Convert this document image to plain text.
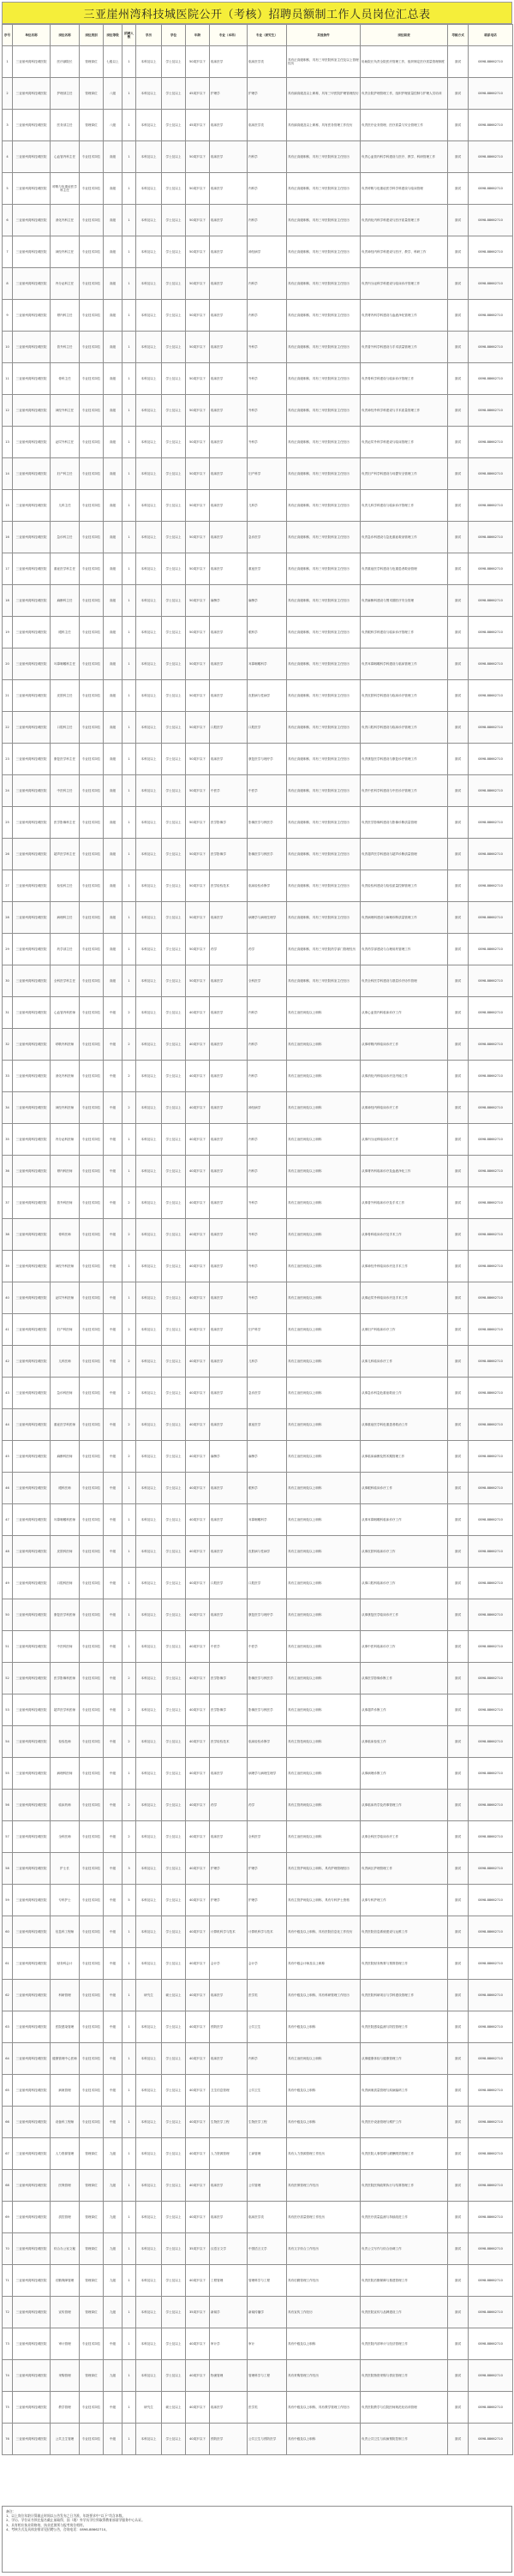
三亚崖州湾科技城医院公开（考核）招聘员额制工作人员岗位汇总表
序号	单位名称	岗位名称	岗位类别	岗位等级	招聘人数	学历	学位	年龄	专业（本科）	专业（研究生）	其他条件	岗位职责	考核方式	联系电话
1	三亚崖州湾科技城医院	医疗副院长	管理岗位	七级以上	1	本科及以上	学士及以上	50周岁以下	临床医学	临床医学类	具有正高级职称，具有三甲医院科室主任及以上管理经历	协助院长负责全院医疗管理工作，组织制定医疗质量管理制度	面试	0898-88662710
2	三亚崖州湾科技城医院	护理部主任	管理岗位	八级	1	本科及以上	学士及以上	45周岁以下	护理学	护理学	具有副高级及以上职称，具有三甲医院护理管理经历	负责全院护理管理工作，组织护理质量控制与护理人员培训	面试	0898-88662710
3	三亚崖州湾科技城医院	医务部主任	管理岗位	八级	1	本科及以上	学士及以上	45周岁以下	临床医学	临床医学类	具有副高级及以上职称，具有医务管理工作经历	负责医疗业务管理、医疗质量与安全管理工作	面试	0898-88662710
4	三亚崖州湾科技城医院	心血管内科主任	专业技术岗位	高级	1	本科及以上	学士及以上	50周岁以下	临床医学	内科学	具有正高级职称，具有三甲医院科室主任经历	负责心血管内科学科建设与医疗、教学、科研管理工作	面试	0898-88662710
5	三亚崖州湾科技城医院	呼吸与危重症医学科主任	专业技术岗位	高级	1	本科及以上	学士及以上	50周岁以下	临床医学	内科学	具有正高级职称，具有三甲医院科室主任经历	负责呼吸与危重症医学科学科建设与临床管理	面试	0898-88662710
6	三亚崖州湾科技城医院	消化内科主任	专业技术岗位	高级	1	本科及以上	学士及以上	50周岁以下	临床医学	内科学	具有正高级职称，具有三甲医院科室主任经历	负责消化内科学科建设与医疗质量管理工作	面试	0898-88662710
7	三亚崖州湾科技城医院	神经内科主任	专业技术岗位	高级	1	本科及以上	学士及以上	50周岁以下	临床医学	神经病学	具有正高级职称，具有三甲医院科室主任经历	负责神经内科学科建设与医疗、教学、科研工作	面试	0898-88662710
8	三亚崖州湾科技城医院	内分泌科主任	专业技术岗位	高级	1	本科及以上	学士及以上	50周岁以下	临床医学	内科学	具有正高级职称，具有三甲医院科室主任经历	负责内分泌科学科建设与临床诊疗管理工作	面试	0898-88662710
9	三亚崖州湾科技城医院	肾内科主任	专业技术岗位	高级	1	本科及以上	学士及以上	50周岁以下	临床医学	内科学	具有正高级职称，具有三甲医院科室主任经历	负责肾内科学科建设与血液净化管理工作	面试	0898-88662710
10	三亚崖州湾科技城医院	普外科主任	专业技术岗位	高级	1	本科及以上	学士及以上	50周岁以下	临床医学	外科学	具有正高级职称，具有三甲医院科室主任经历	负责普外科学科建设与手术质量管理工作	面试	0898-88662710
11	三亚崖州湾科技城医院	骨科主任	专业技术岗位	高级	1	本科及以上	学士及以上	50周岁以下	临床医学	外科学	具有正高级职称，具有三甲医院科室主任经历	负责骨科学科建设与临床诊疗管理工作	面试	0898-88662710
12	三亚崖州湾科技城医院	神经外科主任	专业技术岗位	高级	1	本科及以上	学士及以上	50周岁以下	临床医学	外科学	具有正高级职称，具有三甲医院科室主任经历	负责神经外科学科建设与手术质量管理工作	面试	0898-88662710
13	三亚崖州湾科技城医院	泌尿外科主任	专业技术岗位	高级	1	本科及以上	学士及以上	50周岁以下	临床医学	外科学	具有正高级职称，具有三甲医院科室主任经历	负责泌尿外科学科建设与临床管理工作	面试	0898-88662710
14	三亚崖州湾科技城医院	妇产科主任	专业技术岗位	高级	1	本科及以上	学士及以上	50周岁以下	临床医学	妇产科学	具有正高级职称，具有三甲医院科室主任经历	负责妇产科学科建设与母婴安全管理工作	面试	0898-88662710
15	三亚崖州湾科技城医院	儿科主任	专业技术岗位	高级	1	本科及以上	学士及以上	50周岁以下	临床医学	儿科学	具有正高级职称，具有三甲医院科室主任经历	负责儿科学科建设与临床诊疗管理工作	面试	0898-88662710
16	三亚崖州湾科技城医院	急诊科主任	专业技术岗位	高级	1	本科及以上	学士及以上	50周岁以下	临床医学	急诊医学	具有正高级职称，具有三甲医院科室主任经历	负责急诊科建设与急危重症救治管理工作	面试	0898-88662710
17	三亚崖州湾科技城医院	重症医学科主任	专业技术岗位	高级	1	本科及以上	学士及以上	50周岁以下	临床医学	重症医学	具有正高级职称，具有三甲医院科室主任经历	负责重症医学科建设与危重患者救治管理	面试	0898-88662710
18	三亚崖州湾科技城医院	麻醉科主任	专业技术岗位	高级	1	本科及以上	学士及以上	50周岁以下	麻醉学	麻醉学	具有正高级职称，具有三甲医院科室主任经历	负责麻醉科建设与围术期医疗安全管理	面试	0898-88662710
19	三亚崖州湾科技城医院	眼科主任	专业技术岗位	高级	1	本科及以上	学士及以上	50周岁以下	临床医学	眼科学	具有正高级职称，具有三甲医院科室主任经历	负责眼科学科建设与临床诊疗管理工作	面试	0898-88662710
20	三亚崖州湾科技城医院	耳鼻咽喉科主任	专业技术岗位	高级	1	本科及以上	学士及以上	50周岁以下	临床医学	耳鼻咽喉科学	具有正高级职称，具有三甲医院科室主任经历	负责耳鼻咽喉科学科建设与临床管理工作	面试	0898-88662710
21	三亚崖州湾科技城医院	皮肤科主任	专业技术岗位	高级	1	本科及以上	学士及以上	50周岁以下	临床医学	皮肤病与性病学	具有正高级职称，具有三甲医院科室主任经历	负责皮肤科学科建设与临床诊疗管理工作	面试	0898-88662710
22	三亚崖州湾科技城医院	口腔科主任	专业技术岗位	高级	1	本科及以上	学士及以上	50周岁以下	口腔医学	口腔医学	具有正高级职称，具有三甲医院科室主任经历	负责口腔科学科建设与临床诊疗管理工作	面试	0898-88662710
23	三亚崖州湾科技城医院	康复医学科主任	专业技术岗位	高级	1	本科及以上	学士及以上	50周岁以下	临床医学	康复医学与理疗学	具有正高级职称，具有三甲医院科室主任经历	负责康复医学科建设与康复诊疗管理工作	面试	0898-88662710
24	三亚崖州湾科技城医院	中医科主任	专业技术岗位	高级	1	本科及以上	学士及以上	50周岁以下	中医学	中医学	具有正高级职称，具有三甲医院科室主任经历	负责中医科学科建设与中医诊疗管理工作	面试	0898-88662710
25	三亚崖州湾科技城医院	医学影像科主任	专业技术岗位	高级	1	本科及以上	学士及以上	50周岁以下	医学影像学	影像医学与核医学	具有正高级职称，具有三甲医院科室主任经历	负责医学影像科建设与影像诊断质量管理	面试	0898-88662710
26	三亚崖州湾科技城医院	超声医学科主任	专业技术岗位	高级	1	本科及以上	学士及以上	50周岁以下	医学影像学	影像医学与核医学	具有正高级职称，具有三甲医院科室主任经历	负责超声医学科建设与超声诊断质量管理	面试	0898-88662710
27	三亚崖州湾科技城医院	检验科主任	专业技术岗位	高级	1	本科及以上	学士及以上	50周岁以下	医学检验技术	临床检验诊断学	具有正高级职称，具有三甲医院科室主任经历	负责检验科建设与检验质量控制管理工作	面试	0898-88662710
28	三亚崖州湾科技城医院	病理科主任	专业技术岗位	高级	1	本科及以上	学士及以上	50周岁以下	临床医学	病理学与病理生理学	具有正高级职称，具有三甲医院科室主任经历	负责病理科建设与病理诊断质量管理工作	面试	0898-88662710
29	三亚崖州湾科技城医院	药学部主任	专业技术岗位	高级	1	本科及以上	学士及以上	50周岁以下	药学	药学	具有正高级职称，具有三甲医院药学部门管理经历	负责药学部建设与合理用药管理工作	面试	0898-88662710
30	三亚崖州湾科技城医院	全科医学科主任	专业技术岗位	高级	1	本科及以上	学士及以上	50周岁以下	临床医学	全科医学	具有正高级职称，具有三甲医院科室主任经历	负责全科医学科建设与基层诊疗协作管理	面试	0898-88662710
31	三亚崖州湾科技城医院	心血管内科医师	专业技术岗位	中级	2	本科及以上	学士及以上	40周岁以下	临床医学	内科学	具有主治医师及以上职称	从事心血管内科临床诊疗工作	面试	0898-88662710
32	三亚崖州湾科技城医院	呼吸内科医师	专业技术岗位	中级	2	本科及以上	学士及以上	40周岁以下	临床医学	内科学	具有主治医师及以上职称	从事呼吸内科临床诊疗工作	面试	0898-88662710
33	三亚崖州湾科技城医院	消化内科医师	专业技术岗位	中级	2	本科及以上	学士及以上	40周岁以下	临床医学	内科学	具有主治医师及以上职称	从事消化内科临床诊疗及内镜工作	面试	0898-88662710
34	三亚崖州湾科技城医院	神经内科医师	专业技术岗位	中级	2	本科及以上	学士及以上	40周岁以下	临床医学	神经病学	具有主治医师及以上职称	从事神经内科临床诊疗工作	面试	0898-88662710
35	三亚崖州湾科技城医院	内分泌科医师	专业技术岗位	中级	1	本科及以上	学士及以上	40周岁以下	临床医学	内科学	具有主治医师及以上职称	从事内分泌科临床诊疗工作	面试	0898-88662710
36	三亚崖州湾科技城医院	肾内科医师	专业技术岗位	中级	1	本科及以上	学士及以上	40周岁以下	临床医学	内科学	具有主治医师及以上职称	从事肾内科临床诊疗及血液净化工作	面试	0898-88662710
37	三亚崖州湾科技城医院	普外科医师	专业技术岗位	中级	2	本科及以上	学士及以上	40周岁以下	临床医学	外科学	具有主治医师及以上职称	从事普外科临床诊疗及手术工作	面试	0898-88662710
38	三亚崖州湾科技城医院	骨科医师	专业技术岗位	中级	2	本科及以上	学士及以上	40周岁以下	临床医学	外科学	具有主治医师及以上职称	从事骨科临床诊疗及手术工作	面试	0898-88662710
39	三亚崖州湾科技城医院	神经外科医师	专业技术岗位	中级	1	本科及以上	学士及以上	40周岁以下	临床医学	外科学	具有主治医师及以上职称	从事神经外科临床诊疗及手术工作	面试	0898-88662710
40	三亚崖州湾科技城医院	泌尿外科医师	专业技术岗位	中级	1	本科及以上	学士及以上	40周岁以下	临床医学	外科学	具有主治医师及以上职称	从事泌尿外科临床诊疗及手术工作	面试	0898-88662710
41	三亚崖州湾科技城医院	妇产科医师	专业技术岗位	中级	2	本科及以上	学士及以上	40周岁以下	临床医学	妇产科学	具有主治医师及以上职称	从事妇产科临床诊疗工作	面试	0898-88662710
42	三亚崖州湾科技城医院	儿科医师	专业技术岗位	中级	2	本科及以上	学士及以上	40周岁以下	临床医学	儿科学	具有主治医师及以上职称	从事儿科临床诊疗工作	面试	0898-88662710
43	三亚崖州湾科技城医院	急诊科医师	专业技术岗位	中级	2	本科及以上	学士及以上	40周岁以下	临床医学	急诊医学	具有主治医师及以上职称	从事急诊科急危重症救治工作	面试	0898-88662710
44	三亚崖州湾科技城医院	重症医学科医师	专业技术岗位	中级	2	本科及以上	学士及以上	40周岁以下	临床医学	重症医学	具有主治医师及以上职称	从事重症医学科危重患者救治工作	面试	0898-88662710
45	三亚崖州湾科技城医院	麻醉科医师	专业技术岗位	中级	2	本科及以上	学士及以上	40周岁以下	麻醉学	麻醉学	具有主治医师及以上职称	从事临床麻醉及围术期管理工作	面试	0898-88662710
46	三亚崖州湾科技城医院	眼科医师	专业技术岗位	中级	1	本科及以上	学士及以上	40周岁以下	临床医学	眼科学	具有主治医师及以上职称	从事眼科临床诊疗工作	面试	0898-88662710
47	三亚崖州湾科技城医院	耳鼻咽喉科医师	专业技术岗位	中级	1	本科及以上	学士及以上	40周岁以下	临床医学	耳鼻咽喉科学	具有主治医师及以上职称	从事耳鼻咽喉科临床诊疗工作	面试	0898-88662710
48	三亚崖州湾科技城医院	皮肤科医师	专业技术岗位	中级	1	本科及以上	学士及以上	40周岁以下	临床医学	皮肤病与性病学	具有主治医师及以上职称	从事皮肤科临床诊疗工作	面试	0898-88662710
49	三亚崖州湾科技城医院	口腔科医师	专业技术岗位	中级	1	本科及以上	学士及以上	40周岁以下	口腔医学	口腔医学	具有主治医师及以上职称	从事口腔科临床诊疗工作	面试	0898-88662710
50	三亚崖州湾科技城医院	康复医学科医师	专业技术岗位	中级	1	本科及以上	学士及以上	40周岁以下	临床医学	康复医学与理疗学	具有主治医师及以上职称	从事康复医学临床诊疗工作	面试	0898-88662710
51	三亚崖州湾科技城医院	中医科医师	专业技术岗位	中级	1	本科及以上	学士及以上	40周岁以下	中医学	中医学	具有主治医师及以上职称	从事中医科临床诊疗工作	面试	0898-88662710
52	三亚崖州湾科技城医院	医学影像科医师	专业技术岗位	中级	2	本科及以上	学士及以上	40周岁以下	医学影像学	影像医学与核医学	具有主治医师及以上职称	从事医学影像诊断工作	面试	0898-88662710
53	三亚崖州湾科技城医院	超声医学科医师	专业技术岗位	中级	2	本科及以上	学士及以上	40周岁以下	医学影像学	影像医学与核医学	具有主治医师及以上职称	从事超声诊断工作	面试	0898-88662710
54	三亚崖州湾科技城医院	检验技师	专业技术岗位	中级	2	本科及以上	学士及以上	40周岁以下	医学检验技术	临床检验诊断学	具有主管技师及以上职称	从事临床检验工作	面试	0898-88662710
55	三亚崖州湾科技城医院	病理科医师	专业技术岗位	中级	1	本科及以上	学士及以上	40周岁以下	临床医学	病理学与病理生理学	具有主治医师及以上职称	从事病理诊断工作	面试	0898-88662710
56	三亚崖州湾科技城医院	临床药师	专业技术岗位	中级	2	本科及以上	学士及以上	40周岁以下	药学	药学	具有主管药师及以上职称	从事临床药学及药事管理工作	面试	0898-88662710
57	三亚崖州湾科技城医院	全科医师	专业技术岗位	中级	2	本科及以上	学士及以上	40周岁以下	临床医学	全科医学	具有主治医师及以上职称	从事全科医学临床诊疗工作	面试	0898-88662710
58	三亚崖州湾科技城医院	护士长	专业技术岗位	中级	3	本科及以上	学士及以上	40周岁以下	护理学	护理学	具有主管护师及以上职称，具有护理管理经历	负责病区护理管理工作	面试	0898-88662710
59	三亚崖州湾科技城医院	专科护士	专业技术岗位	中级	5	本科及以上	学士及以上	40周岁以下	护理学	护理学	具有主管护师及以上职称，具有专科护士资格	从事专科护理工作	面试	0898-88662710
60	三亚崖州湾科技城医院	信息科工程师	专业技术岗位	中级	1	本科及以上	学士及以上	40周岁以下	计算机科学与技术	计算机科学与技术	具有中级及以上职称，具有医院信息化工作经历	负责医院信息系统建设与运维工作	面试	0898-88662710
61	三亚崖州湾科技城医院	财务科会计	专业技术岗位	中级	1	本科及以上	学士及以上	40周岁以下	会计学	会计学	具有中级会计师及以上职称	负责医院财务核算与预算管理工作	面试	0898-88662710
62	三亚崖州湾科技城医院	科研管理	专业技术岗位	中级	1	研究生	硕士及以上	40周岁以下	临床医学	医学类	具有中级及以上职称，具有科研管理工作经历	负责医院科研项目与学科建设管理工作	面试	0898-88662710
63	三亚崖州湾科技城医院	医院感染管理	专业技术岗位	中级	1	本科及以上	学士及以上	40周岁以下	预防医学	公共卫生	具有中级及以上职称	负责医院感染监测与防控管理工作	面试	0898-88662710
64	三亚崖州湾科技城医院	健康管理中心医师	专业技术岗位	中级	1	本科及以上	学士及以上	40周岁以下	临床医学	内科学	具有主治医师及以上职称	从事健康体检与健康管理工作	面试	0898-88662710
65	三亚崖州湾科技城医院	病案管理	专业技术岗位	中级	1	本科及以上	学士及以上	40周岁以下	卫生信息管理	公共卫生	具有中级及以上职称	负责病案质量管理与疾病编码工作	面试	0898-88662710
66	三亚崖州湾科技城医院	设备科工程师	专业技术岗位	中级	1	本科及以上	学士及以上	40周岁以下	生物医学工程	生物医学工程	具有中级及以上职称	负责医疗设备管理与维护工作	面试	0898-88662710
67	三亚崖州湾科技城医院	人力资源管理	管理岗位	九级	1	本科及以上	学士及以上	40周岁以下	人力资源管理	工商管理	具有人力资源管理工作经历	负责医院人事招聘与薪酬绩效管理工作	面试	0898-88662710
68	三亚崖州湾科技城医院	医保管理	管理岗位	九级	1	本科及以上	学士及以上	40周岁以下	临床医学	公共管理	具有医保管理工作经历	负责医院医保政策执行与结算管理工作	面试	0898-88662710
69	三亚崖州湾科技城医院	质控管理	管理岗位	九级	1	本科及以上	学士及以上	40周岁以下	临床医学	临床医学类	具有医疗质量管理工作经历	负责医疗质量监测与持续改进工作	面试	0898-88662710
70	三亚崖州湾科技城医院	综合办公室文秘	管理岗位	九级	1	本科及以上	学士及以上	35周岁以下	汉语言文学	中国语言文学	具有文字综合工作经历	负责公文写作与综合协调工作	面试	0898-88662710
71	三亚崖州湾科技城医院	后勤保障管理	管理岗位	九级	1	本科及以上	学士及以上	40周岁以下	工程管理	管理科学与工程	具有后勤管理工作经历	负责医院后勤保障与基建管理工作	面试	0898-88662710
72	三亚崖州湾科技城医院	宣传管理	管理岗位	九级	1	本科及以上	学士及以上	35周岁以下	新闻学	新闻传播学	具有宣传工作经历	负责医院宣传与品牌建设工作	面试	0898-88662710
73	三亚崖州湾科技城医院	审计管理	专业技术岗位	中级	1	本科及以上	学士及以上	40周岁以下	审计学	审计	具有中级及以上职称	负责医院内部审计与经济管理工作	面试	0898-88662710
74	三亚崖州湾科技城医院	采购管理	管理岗位	九级	1	本科及以上	学士及以上	40周岁以下	物流管理	管理科学与工程	具有采购管理工作经历	负责医院物资采购与供应管理工作	面试	0898-88662710
75	三亚崖州湾科技城医院	教学管理	专业技术岗位	中级	1	研究生	硕士及以上	40周岁以下	临床医学	医学类	具有中级及以上职称，具有教学管理工作经历	负责医院教学与住院医师规范化培训管理	面试	0898-88662710
76	三亚崖州湾科技城医院	公共卫生管理	专业技术岗位	中级	1	本科及以上	学士及以上	40周岁以下	预防医学	公共卫生与预防医学	具有中级及以上职称	负责公共卫生与疾病预防控制工作	面试	0898-88662710

备注：

1、以上岗位年龄计算截止时间以公告发布之日为准，年龄要求中“以下”均含本数。

2、学历、学位证书须在报名截止前取得，国（境）外学历学位须取得教育部留学服务中心认证。

3、具有相应执业资格的，执业范围须与报考岗位相符。

4、考核方式及具体安排详见招聘公告，咨询电话：0898-88662710。
